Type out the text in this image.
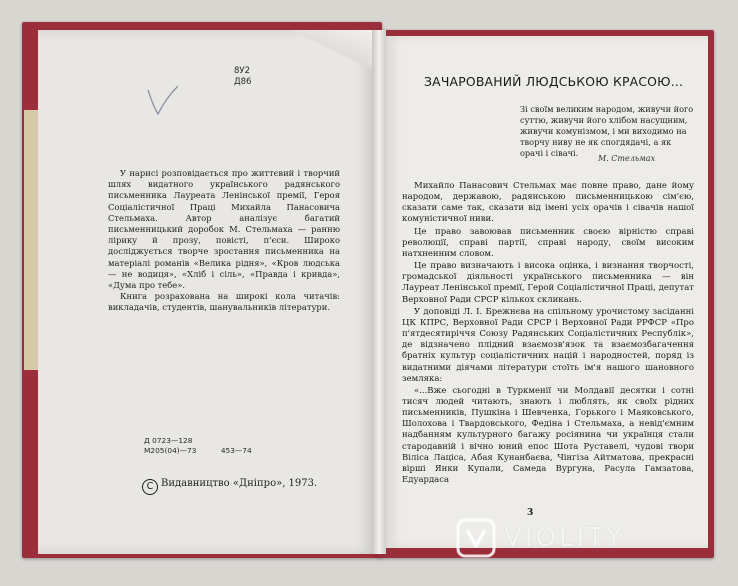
8У2
Д86

У нарисі розповідається про життєвий і творчий шлях видатного українського радянського письменника Лауреата Ленінської премії, Героя Соціалістичної Праці Михайла Панасовича Стельмаха. Автор аналізує багатий письменницький доробок М. Стельмаха — ранню лірику й прозу, повісті, п'єси. Широко досліджується творче зростання письменника на матеріалі романів «Велика рідня», «Кров людська — не водиця», «Хліб і сіль», «Правда і кривда», «Дума про тебе».

Книга розрахована на широкі кола читачів: викладачів, студентів, шанувальників літератури.

Д 0723—128
М205(04)—73	453—74
C Видавництво «Дніпро», 1973.
ЗАЧАРОВАНИЙ ЛЮДСЬКОЮ КРАСОЮ...
Зі своїм великим народом, живучи його суттю, живучи його хлібом насущним, живучи комунізмом, і ми виходимо на творчу ниву не як спогдядачі, а як орачі і сівачі.
М. Стельмах

Михайло Панасович Стельмах має повне право, дане йому народом, державою, радянською письменницькою сім'єю, сказати саме так, сказати від імені усіх орачів і сівачів нашої комуністичної ниви.

Це право завоював письменник своєю вірністю справі революції, справі партії, справі народу, своїм високим натхненним словом.

Це право визначають і висока оцінка, і визнання творчості, громадської діяльності українського письменника — він Лауреат Ленінської премії, Герой Соціалістичної Праці, депутат Верховної Ради СРСР кількох скликань.

У доповіді Л. І. Брежнєва на спільному урочистому засіданні ЦК КПРС, Верховної Ради СРСР і Верховної Ради РРФСР «Про п'ятдесятиріччя Союзу Радянських Соціалістичних Республік», де відзначено плідний взаємозв'язок та взаємозбагачення братніх культур соціалістичних націй і народностей, поряд із видатними діячами літератури стоїть ім'я нашого шановного земляка:

«...Вже сьогодні в Туркменії чи Молдавії десятки і сотні тисяч людей читають, знають і люблять, як своїх рідних письменників, Пушкіна і Шевченка, Горького і Маяковського, Шолохова і Твардовського, Федіна і Стельмаха, а невід'ємним надбанням культурного багажу росіянина чи українця стали стародавній і вічно юний епос Шота Руставелі, чудові твори Віліса Лаціса, Абая Кунанбаєва, Чінгіза Айтматова, прекрасні вірші Янки Купали, Самеда Вургуна, Расула Гамзатова, Едуардаса

3
VIOLITY
